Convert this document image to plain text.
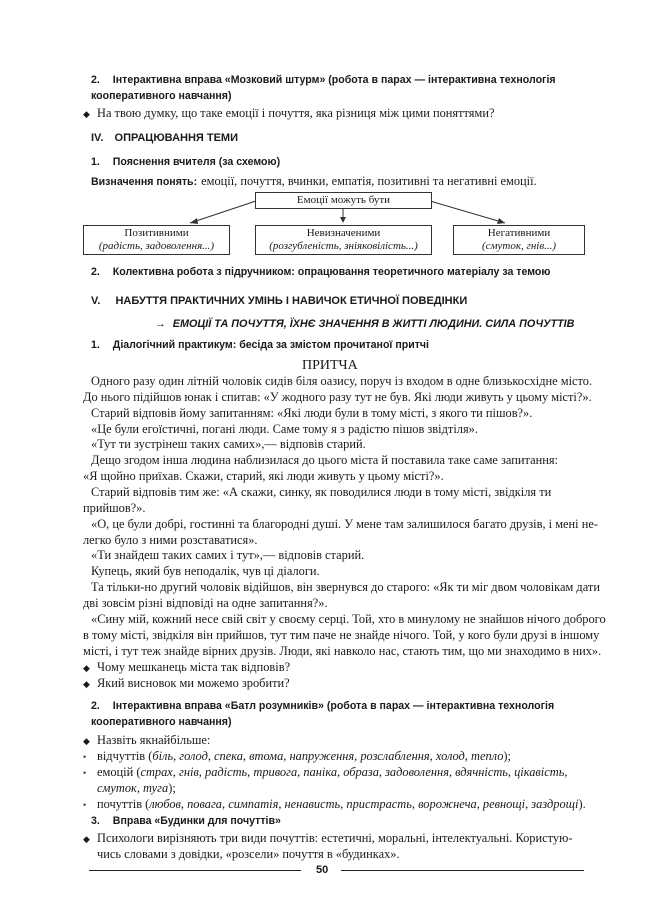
2. Інтерактивна вправа «Мозковий штурм» (робота в парах — інтерактивна технологія
кооперативного навчання)
◆ На твою думку, що таке емоції і почуття, яка різниця між цими поняттями?
IV. ОПРАЦЮВАННЯ ТЕМИ
1. Пояснення вчителя (за схемою)
Визначення понять: емоції, почуття, вчинки, емпатія, позитивні та негативні емоції.
Емоції можуть бути
Позитивними
(радість, задоволення...)
Невизначеними
(розгубленість, зніяковілість...)
Негативними
(смуток, гнів...)
2. Колективна робота з підручником: опрацювання теоретичного матеріалу за темою
V. НАБУТТЯ ПРАКТИЧНИХ УМІНЬ І НАВИЧОК ЕТИЧНОЇ ПОВЕДІНКИ
→ ЕМОЦІЇ ТА ПОЧУТТЯ, ЇХНЄ ЗНАЧЕННЯ В ЖИТТІ ЛЮДИНИ. СИЛА ПОЧУТТІВ
1. Діалогічний практикум: бесіда за змістом прочитаної притчі
ПРИТЧА
Одного разу один літній чоловік сидів біля оазису, поруч із входом в одне близькосхідне місто.
До нього підійшов юнак і спитав: «У жодного разу тут не був. Які люди живуть у цьому місті?».
Старий відповів йому запитанням: «Які люди були в тому місті, з якого ти пішов?».
«Це були егоїстичні, погані люди. Саме тому я з радістю пішов звідтіля».
«Тут ти зустрінеш таких самих»,— відповів старий.
Дещо згодом інша людина наблизилася до цього міста й поставила таке саме запитання:
«Я щойно приїхав. Скажи, старий, які люди живуть у цьому місті?».
Старий відповів тим же: «А скажи, синку, як поводилися люди в тому місті, звідкіля ти
прийшов?».
«О, це були добрі, гостинні та благородні душі. У мене там залишилося багато друзів, і мені не-
легко було з ними розставатися».
«Ти знайдеш таких самих і тут»,— відповів старий.
Купець, який був неподалік, чув ці діалоги.
Та тільки-но другий чоловік відійшов, він звернувся до старого: «Як ти міг двом чоловікам дати
дві зовсім різні відповіді на одне запитання?».
«Сину мій, кожний несе свій світ у своєму серці. Той, хто в минулому не знайшов нічого доброго
в тому місті, звідкіля він прийшов, тут тим паче не знайде нічого. Той, у кого були друзі в іншому
місті, і тут теж знайде вірних друзів. Люди, які навколо нас, стають тим, що ми знаходимо в них».
◆ Чому мешканець міста так відповів?
◆ Який висновок ми можемо зробити?
2. Інтерактивна вправа «Батл розумників» (робота в парах — інтерактивна технологія
кооперативного навчання)
◆ Назвіть якнайбільше:
• відчуттів (біль, голод, спека, втома, напруження, розслаблення, холод, тепло);
• емоцій (страх, гнів, радість, тривога, паніка, образа, задоволення, вдячність, цікавість,
смуток, туга);
• почуттів (любов, повага, симпатія, ненависть, пристрасть, ворожнеча, ревнощі, заздрощі).
3. Вправа «Будинки для почуттів»
◆ Психологи вирізняють три види почуттів: естетичні, моральні, інтелектуальні. Користую-
чись словами з довідки, «розсели» почуття в «будинках».
50
